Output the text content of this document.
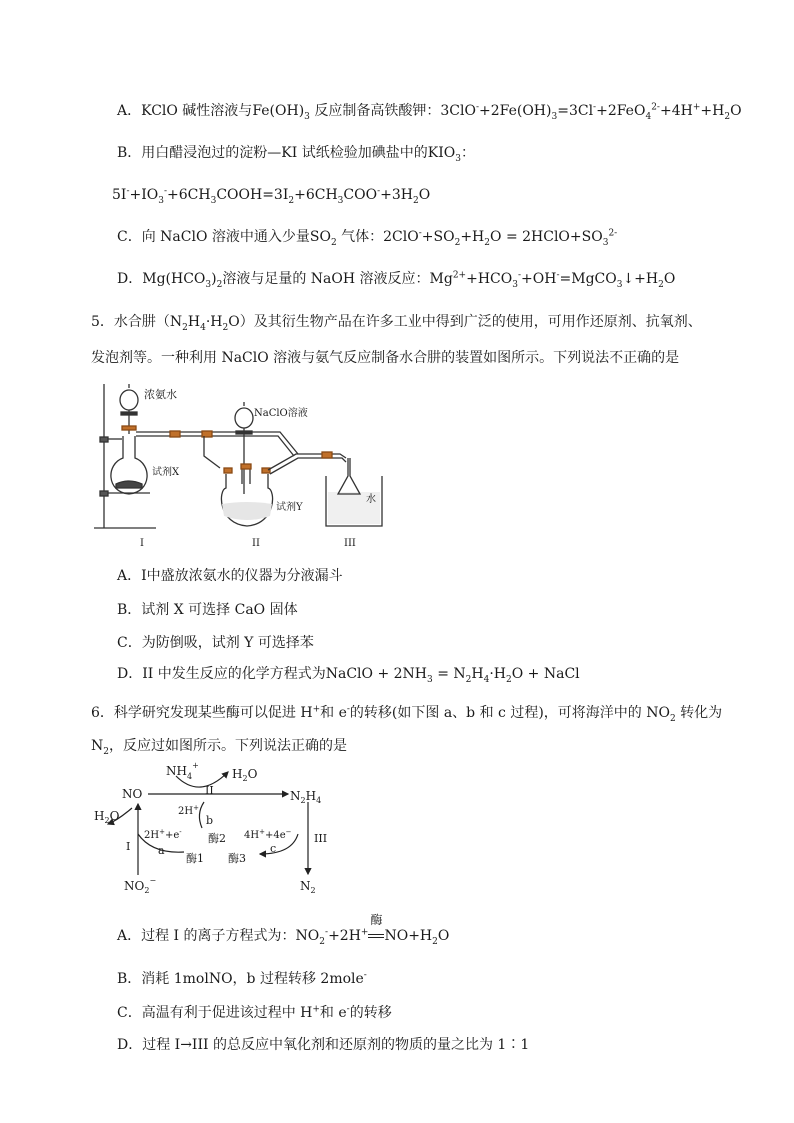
A．KClO 碱性溶液与$Fe(OH)_3$ 反应制备高铁酸钾：$3ClO^-+2Fe(OH)_3=3Cl^-+2FeO_4^{2-}+4H^++H_2O$
B．用白醋浸泡过的淀粉—KI 试纸检验加碘盐中的$KIO_3$：
$5I^-+IO_3^-+6CH_3COOH=3I_2+6CH_3COO^-+3H_2O$
C．向 NaClO 溶液中通入少量$SO_2$ 气体：$2ClO^-+SO_2+H_2O$ = $2HClO+SO_3^{2-}$
D．$Mg(HCO_3)_2$溶液与足量的 NaOH 溶液反应：$Mg^{2+}+HCO_3^-+OH^-=MgCO_3↓+H_2O$
5．水合肼$(N_2H_4\cdot H_2O)$及其衍生物产品在许多工业中得到广泛的使用，可用作还原剂、抗氧剂、
发泡剂等。一种利用 NaClO 溶液与氨气反应制备水合肼的装置如图所示。下列说法不正确的是
浓氨水
NaClO溶液
试剂X
试剂Y
水
I	II	III
A．Ⅰ中盛放浓氨水的仪器为分液漏斗
B．试剂 X 可选择 CaO 固体
C．为防倒吸，试剂 Y 可选择苯
D．II 中发生反应的化学方程式为NaClO + $2NH_3 = N_2H_4\cdot H_2O$ + NaCl
6．科学研究发现某些酶可以促进 H+和 e-的转移(如下图 a、b 和 c 过程)，可将海洋中的 $NO_2$ 转化为
$N_2$，反应过如图所示。下列说法正确的是
$NH_4^+$
$H_2O$
NO	$N_2H_4$
$H_2O$	2H+
II
b
酶2
2H++e-
I	a
酶1 酶3
4H++4e−
c
III
$NO_2^-$	$N_2$
A．过程 I 的离子方程式为：$NO_2^-+2H^+$
酶
$NO+H_2O$
B．消耗 1molNO，b 过程转移 2mole-
C．高温有利于促进该过程中 H+和 e-的转移
D．过程 I→III 的总反应中氧化剂和还原剂的物质的量之比为 1∶1
